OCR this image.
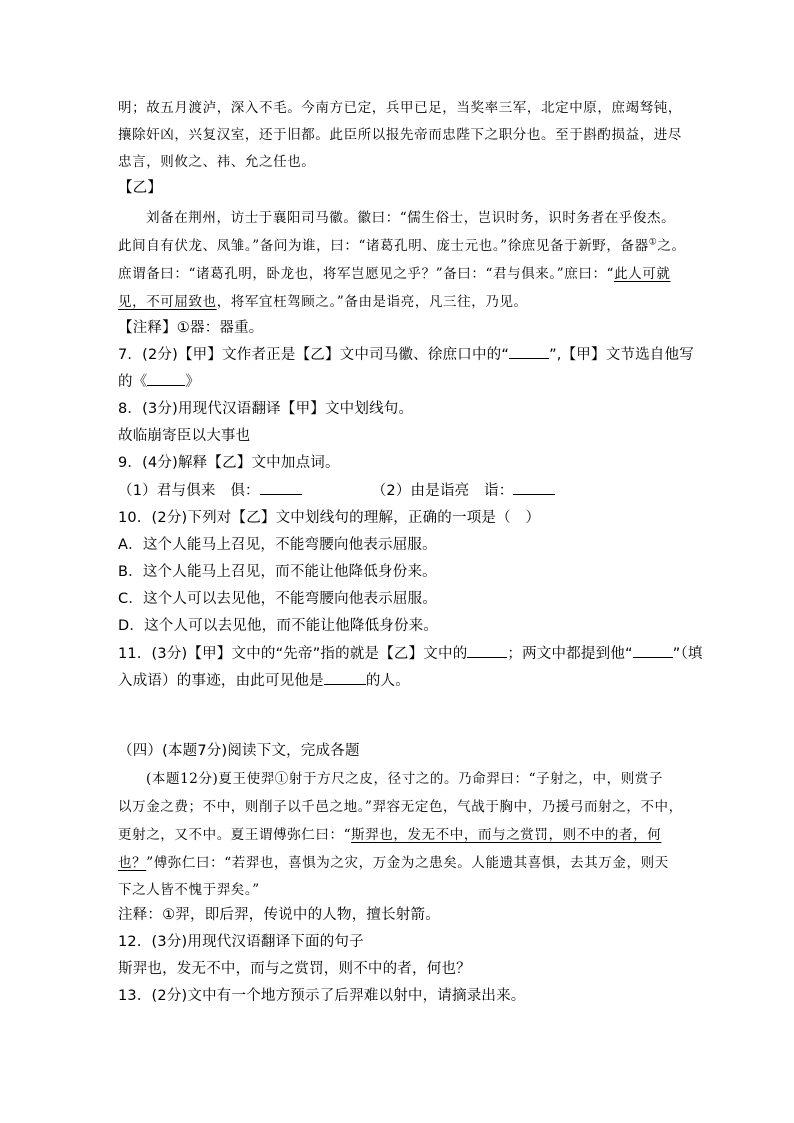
明；故五月渡泸，深入不毛。今南方已定，兵甲已足，当奖率三军，北定中原，庶竭驽钝，
攘除奸凶，兴复汉室，还于旧都。此臣所以报先帝而忠陛下之职分也。至于斟酌损益，进尽
忠言，则攸之、祎、允之任也。
【乙】
刘备在荆州，访士于襄阳司马徽。徽曰：“儒生俗士，岂识时务，识时务者在乎俊杰。
此间自有伏龙、凤雏。”备问为谁，曰：“诸葛孔明、庞士元也。”徐庶见备于新野，备器①之。
庶谓备曰：“诸葛孔明，卧龙也，将军岂愿见之乎？”备曰：“君与俱来。”庶曰：“此人可就
见，不可屈致也，将军宜枉驾顾之。”备由是诣亮，凡三往，乃见。
【注释】①器：器重。
7．(2分)【甲】文作者正是【乙】文中司马徽、徐庶口中的“	”,【甲】文节选自他写
的《	》
8．(3分)用现代汉语翻译【甲】文中划线句。
故临崩寄臣以大事也
9．(4分)解释【乙】文中加点词。
（1）君与俱来　俱：	（2）由是诣亮　诣：
10．(2分)下列对【乙】文中划线句的理解，正确的一项是（　）
A．这个人能马上召见，不能弯腰向他表示屈服。
B．这个人能马上召见，而不能让他降低身份来。
C．这个人可以去见他，不能弯腰向他表示屈服。
D．这个人可以去见他，而不能让他降低身份来。
11．(3分)【甲】文中的“先帝”指的就是【乙】文中的	；两文中都提到他“	”（填
入成语）的事迹，由此可见他是	的人。
（四）(本题7分)阅读下文，完成各题
(本题12分)夏王使羿①射于方尺之皮，径寸之的。乃命羿曰：“子射之，中，则赏子
以万金之费；不中，则削子以千邑之地。”羿容无定色，气战于胸中，乃援弓而射之，不中，
更射之，又不中。夏王谓傅弥仁曰：“斯羿也，发无不中，而与之赏罚，则不中的者，何
也？”傅弥仁曰：“若羿也，喜惧为之灾，万金为之患矣。人能遗其喜惧，去其万金，则天
下之人皆不愧于羿矣。”
注释：①羿，即后羿，传说中的人物，擅长射箭。
12．(3分)用现代汉语翻译下面的句子
斯羿也，发无不中，而与之赏罚，则不中的者，何也？
13．(2分)文中有一个地方预示了后羿难以射中，请摘录出来。
